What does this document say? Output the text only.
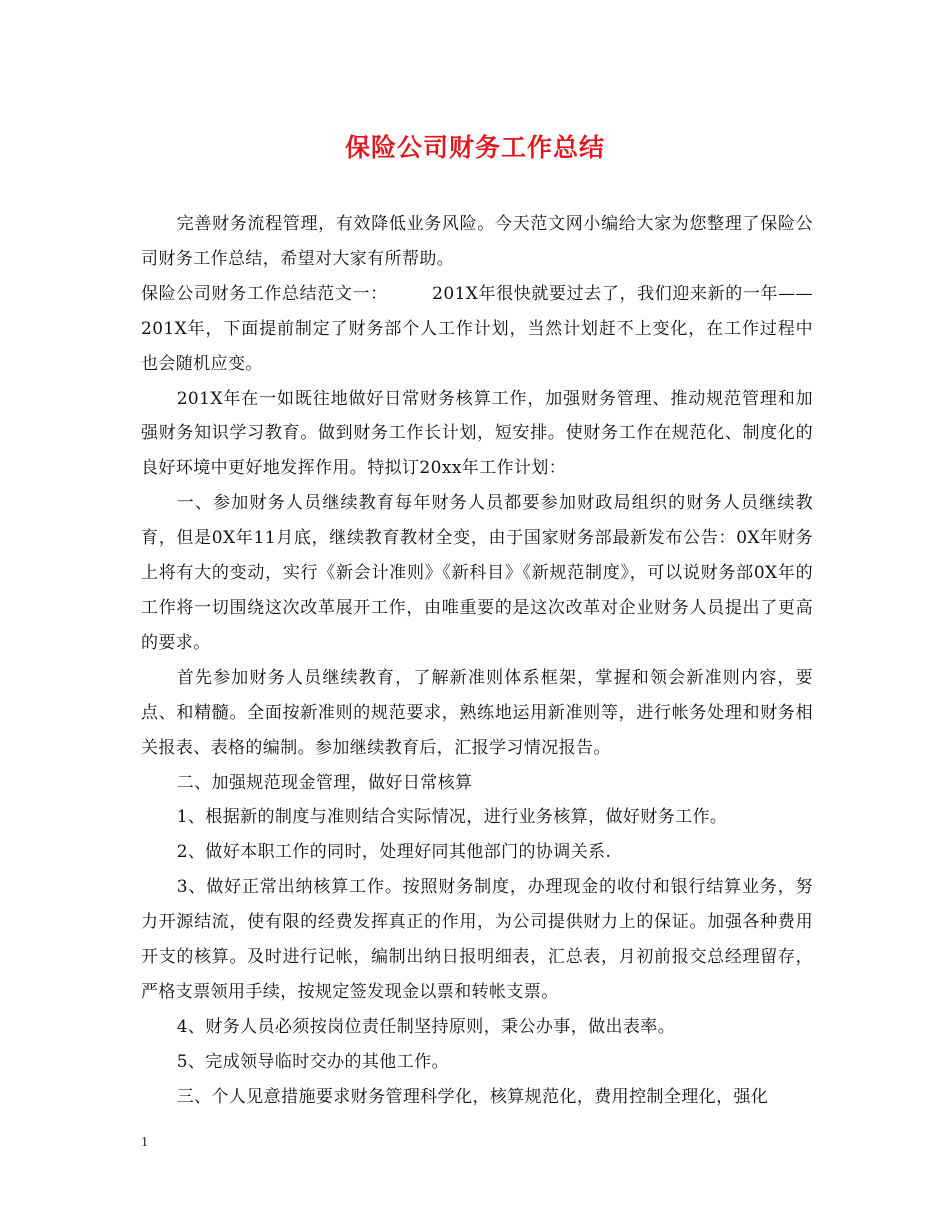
保险公司财务工作总结

完善财务流程管理，有效降低业务风险。今天范文网小编给大家为您整理了保险公司财务工作总结，希望对大家有所帮助。

保险公司财务工作总结范文一：　　　201X年很快就要过去了，我们迎来新的一年——201X年，下面提前制定了财务部个人工作计划，当然计划赶不上变化，在工作过程中也会随机应变。

201X年在一如既往地做好日常财务核算工作，加强财务管理、推动规范管理和加强财务知识学习教育。做到财务工作长计划，短安排。使财务工作在规范化、制度化的良好环境中更好地发挥作用。特拟订20xx年工作计划：

一、参加财务人员继续教育每年财务人员都要参加财政局组织的财务人员继续教育，但是0X年11月底，继续教育教材全变，由于国家财务部最新发布公告：0X年财务上将有大的变动，实行《新会计准则》《新科目》《新规范制度》，可以说财务部0X年的工作将一切围绕这次改革展开工作，由唯重要的是这次改革对企业财务人员提出了更高的要求。

首先参加财务人员继续教育，了解新准则体系框架，掌握和领会新准则内容，要点、和精髓。全面按新准则的规范要求，熟练地运用新准则等，进行帐务处理和财务相关报表、表格的编制。参加继续教育后，汇报学习情况报告。

二、加强规范现金管理，做好日常核算

1、根据新的制度与准则结合实际情况，进行业务核算，做好财务工作。

2、做好本职工作的同时，处理好同其他部门的协调关系.

3、做好正常出纳核算工作。按照财务制度，办理现金的收付和银行结算业务，努力开源结流，使有限的经费发挥真正的作用，为公司提供财力上的保证。加强各种费用开支的核算。及时进行记帐，编制出纳日报明细表，汇总表，月初前报交总经理留存，严格支票领用手续，按规定签发现金以票和转帐支票。

4、财务人员必须按岗位责任制坚持原则，秉公办事，做出表率。

5、完成领导临时交办的其他工作。

三、个人见意措施要求财务管理科学化，核算规范化，费用控制全理化，强化

1
